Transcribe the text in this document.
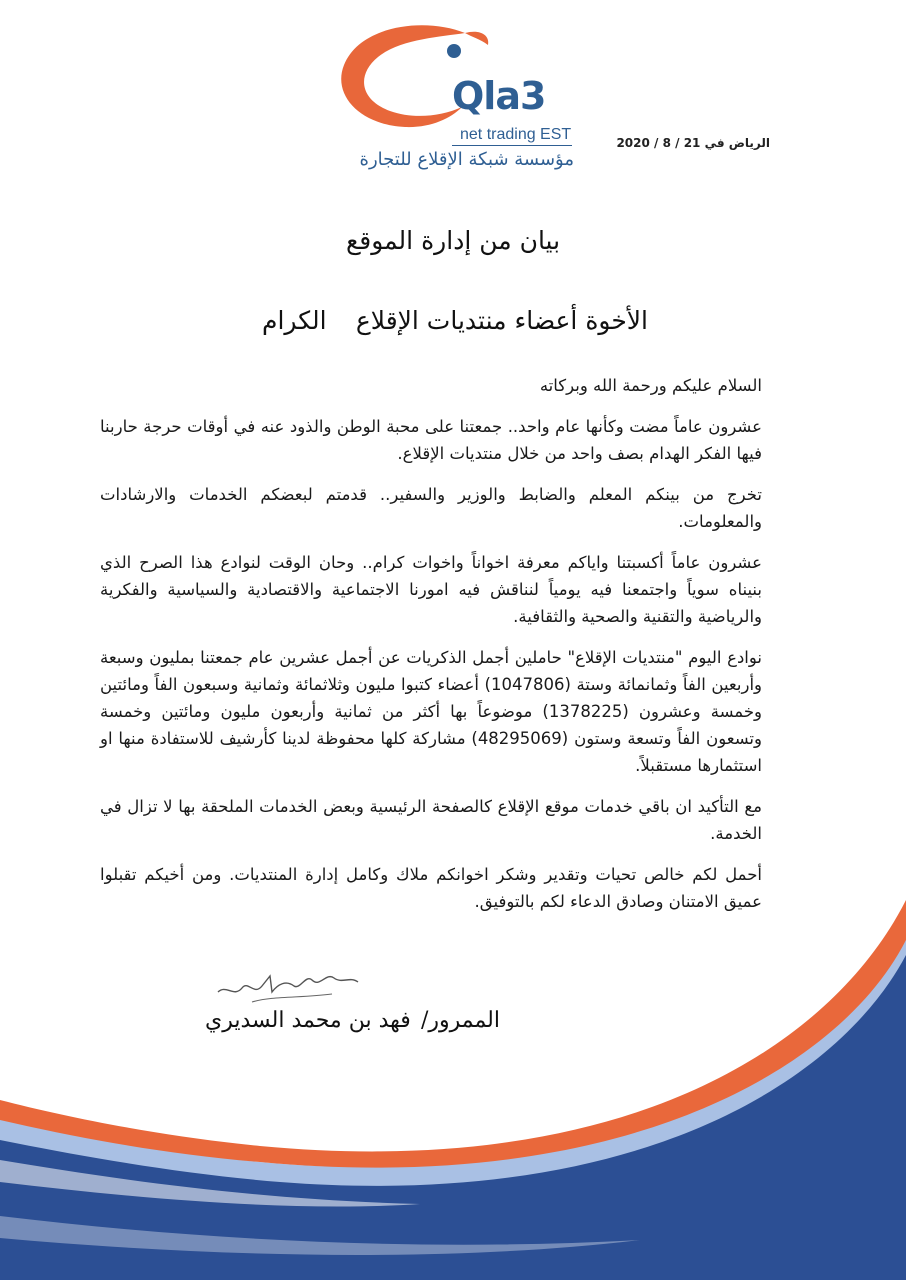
Qla3
net trading EST
مؤسسة شبكة الإقلاع للتجارة
الرياض في 21 / 8 / 2020
بيان من إدارة الموقع
الأخوة أعضاء منتديات الإقلاع
الكرام

السلام عليكم ورحمة الله وبركاته

عشرون عاماً مضت وكأنها عام واحد.. جمعتنا على محبة الوطن والذود عنه في أوقات حرجة حاربنا فيها الفكر الهدام بصف واحد من خلال منتديات الإقلاع.

تخرج من بينكم المعلم والضابط والوزير والسفير.. قدمتم لبعضكم الخدمات والارشادات والمعلومات.

عشرون عاماً أكسبتنا واياكم معرفة اخواناً واخوات كرام.. وحان الوقت لنوادع هذا الصرح الذي بنيناه سوياً واجتمعنا فيه يومياً لنناقش فيه امورنا الاجتماعية والاقتصادية والسياسية والفكرية والرياضية والتقنية والصحية والثقافية.

نوادع اليوم "منتديات الإقلاع" حاملين أجمل الذكريات عن أجمل عشرين عام جمعتنا بمليون وسبعة وأربعين الفاً وثمانمائة وستة (1047806) أعضاء كتبوا مليون وثلاثمائة وثمانية وسبعون الفاً ومائتين وخمسة وعشرون (1378225) موضوعاً بها أكثر من ثمانية وأربعون مليون ومائتين وخمسة وتسعون الفاً وتسعة وستون (48295069) مشاركة كلها محفوظة لدينا كأرشيف للاستفادة منها او استثمارها مستقبلاً.

مع التأكيد ان باقي خدمات موقع الإقلاع كالصفحة الرئيسية وبعض الخدمات الملحقة بها لا تزال في الخدمة.

أحمل لكم خالص تحيات وتقدير وشكر اخوانكم ملاك وكامل إدارة المنتديات. ومن أخيكم تقبلوا عميق الامتنان وصادق الدعاء لكم بالتوفيق.

الممرور/
فهد بن محمد السديري
